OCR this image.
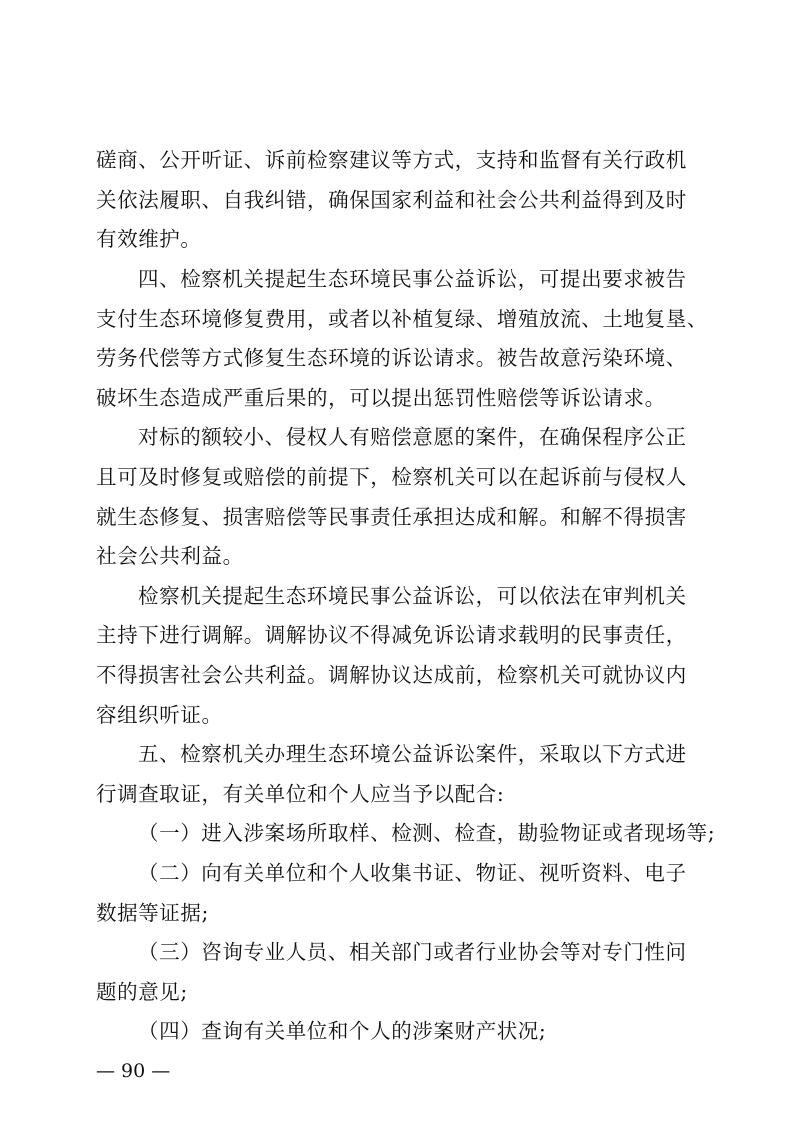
磋商、公开听证、诉前检察建议等方式，支持和监督有关行政机
关依法履职、自我纠错，确保国家利益和社会公共利益得到及时
有效维护。
四、检察机关提起生态环境民事公益诉讼，可提出要求被告
支付生态环境修复费用，或者以补植复绿、增殖放流、土地复垦、
劳务代偿等方式修复生态环境的诉讼请求。被告故意污染环境、
破坏生态造成严重后果的，可以提出惩罚性赔偿等诉讼请求。
对标的额较小、侵权人有赔偿意愿的案件，在确保程序公正
且可及时修复或赔偿的前提下，检察机关可以在起诉前与侵权人
就生态修复、损害赔偿等民事责任承担达成和解。和解不得损害
社会公共利益。
检察机关提起生态环境民事公益诉讼，可以依法在审判机关
主持下进行调解。调解协议不得减免诉讼请求载明的民事责任，
不得损害社会公共利益。调解协议达成前，检察机关可就协议内
容组织听证。
五、检察机关办理生态环境公益诉讼案件，采取以下方式进
行调查取证，有关单位和个人应当予以配合:
（一）进入涉案场所取样、检测、检查，勘验物证或者现场等;
（二）向有关单位和个人收集书证、物证、视听资料、电子
数据等证据;
（三）咨询专业人员、相关部门或者行业协会等对专门性问
题的意见;
（四）查询有关单位和个人的涉案财产状况;
— 90 —
